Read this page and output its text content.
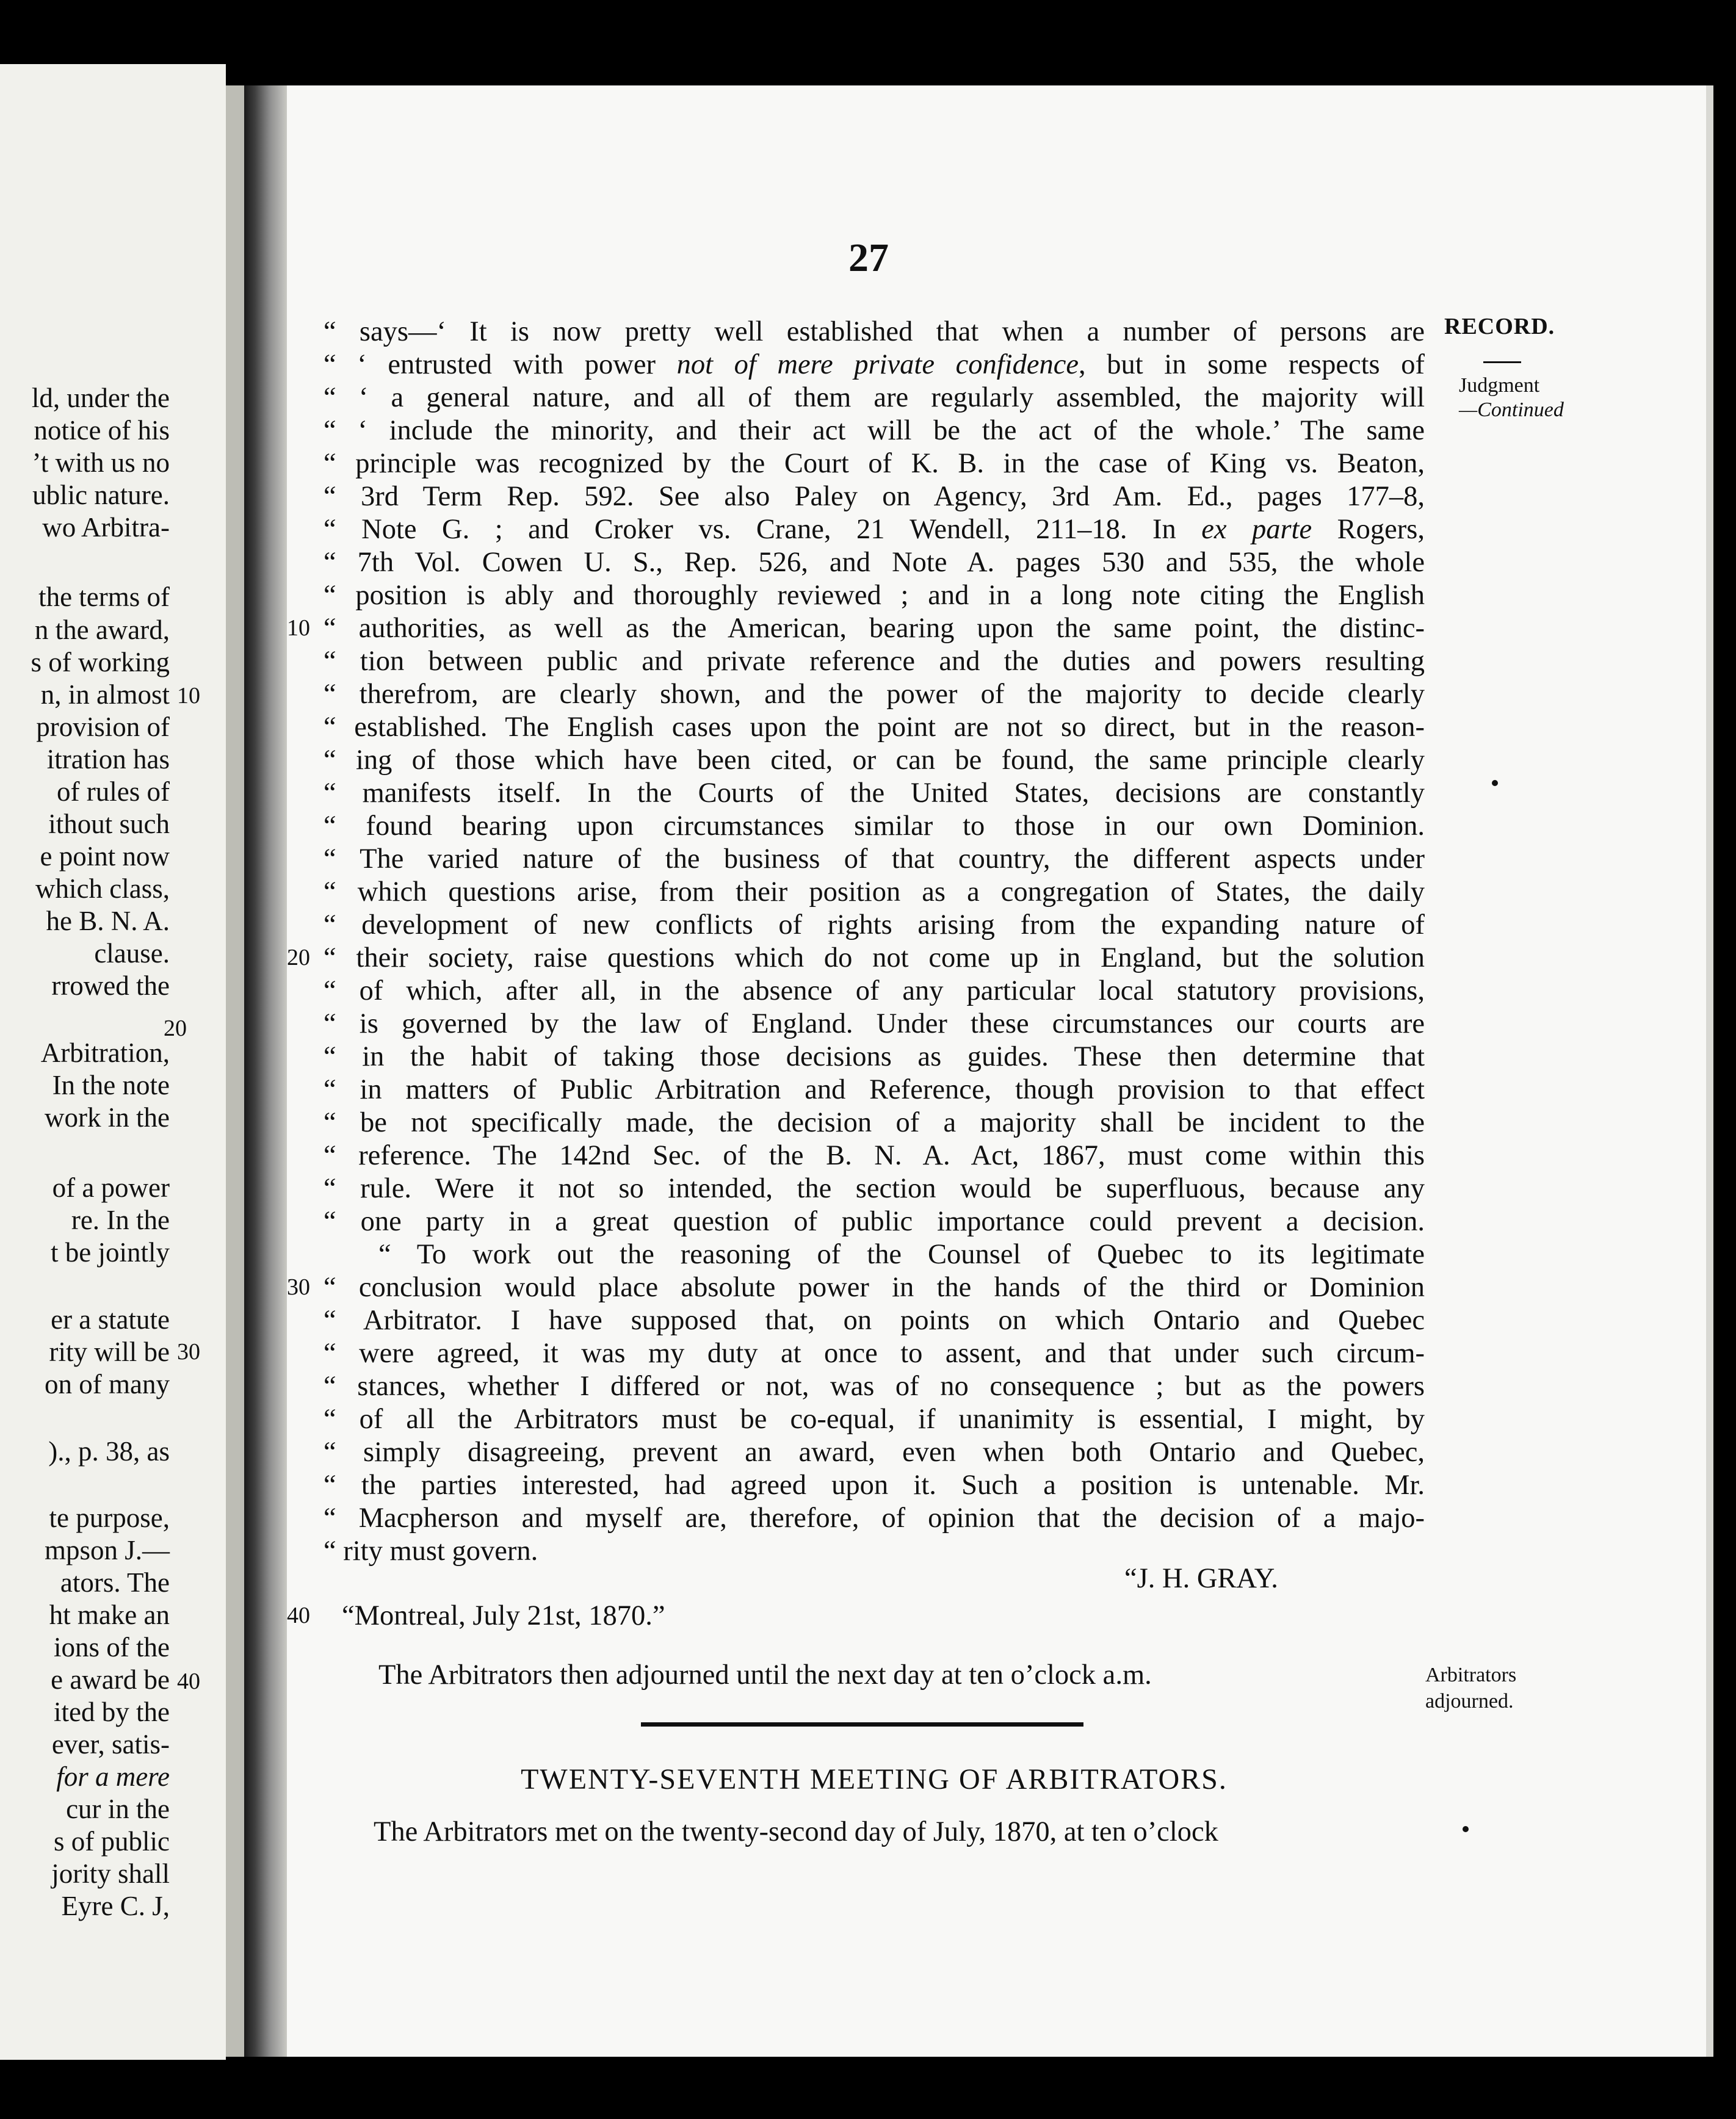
ld, under the
notice of his
’t with us no
ublic nature.
wo Arbitra-
the terms of
n the award,
s of working
n, in almost
provision of
itration has
of rules of
ithout such
e point now
which class,
he B. N. A.
clause.
rrowed the
Arbitration,
In the note
work in the
of a power
re. In the
t be jointly
er a statute
rity will be
on of many
)., p. 38, as
te purpose,
mpson J.—
ators. The
ht make an
ions of the
e award be
ited by the
ever, satis-
for a mere
cur in the
s of public
jority shall
Eyre C. J,
10
20
30
40
27
“ says—‘ It is now pretty well established that when a number of persons are
“ ‘ entrusted with power not of mere private confidence, but in some respects of
“ ‘ a general nature, and all of them are regularly assembled, the majority will
“ ‘ include the minority, and their act will be the act of the whole.’ The same
“ principle was recognized by the Court of K. B. in the case of King vs. Beaton,
“ 3rd Term Rep. 592. See also Paley on Agency, 3rd Am. Ed., pages 177–8,
“ Note G. ; and Croker vs. Crane, 21 Wendell, 211–18. In ex parte Rogers,
“ 7th Vol. Cowen U. S., Rep. 526, and Note A. pages 530 and 535, the whole
“ position is ably and thoroughly reviewed ; and in a long note citing the English
“ authorities, as well as the American, bearing upon the same point, the distinc-
“ tion between public and private reference and the duties and powers resulting
“ therefrom, are clearly shown, and the power of the majority to decide clearly
“ established. The English cases upon the point are not so direct, but in the reason-
“ ing of those which have been cited, or can be found, the same principle clearly
“ manifests itself. In the Courts of the United States, decisions are constantly
“ found bearing upon circumstances similar to those in our own Dominion.
“ The varied nature of the business of that country, the different aspects under
“ which questions arise, from their position as a congregation of States, the daily
“ development of new conflicts of rights arising from the expanding nature of
“ their society, raise questions which do not come up in England, but the solution
“ of which, after all, in the absence of any particular local statutory provisions,
“ is governed by the law of England. Under these circumstances our courts are
“ in the habit of taking those decisions as guides. These then determine that
“ in matters of Public Arbitration and Reference, though provision to that effect
“ be not specifically made, the decision of a majority shall be incident to the
“ reference. The 142nd Sec. of the B. N. A. Act, 1867, must come within this
“ rule. Were it not so intended, the section would be superfluous, because any
“ one party in a great question of public importance could prevent a decision.
“ To work out the reasoning of the Counsel of Quebec to its legitimate
“ conclusion would place absolute power in the hands of the third or Dominion
“ Arbitrator. I have supposed that, on points on which Ontario and Quebec
“ were agreed, it was my duty at once to assent, and that under such circum-
“ stances, whether I differed or not, was of no consequence ; but as the powers
“ of all the Arbitrators must be co-equal, if unanimity is essential, I might, by
“ simply disagreeing, prevent an award, even when both Ontario and Quebec,
“ the parties interested, had agreed upon it. Such a position is untenable. Mr.
“ Macpherson and myself are, therefore, of opinion that the decision of a majo-
“ rity must govern.
10
20
30
40
“J. H. GRAY.
“Montreal, July 21st, 1870.”
The Arbitrators then adjourned until the next day at ten o’clock a.m.
TWENTY-SEVENTH MEETING OF ARBITRATORS.
The Arbitrators met on the twenty-second day of July, 1870, at ten o’clock
RECORD.
Judgment
—Continued
Arbitrators
adjourned.
